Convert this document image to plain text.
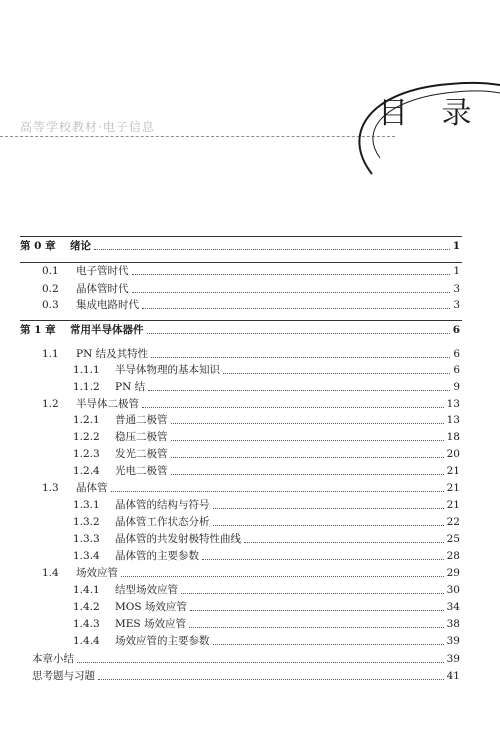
高等学校教材·电子信息	目 录
第 0 章	绪论	1
0.1	电子管时代	1
0.2	晶体管时代	3
0.3	集成电路时代	3
第 1 章	常用半导体器件	6
1.1	PN 结及其特性	6
1.1.1	半导体物理的基本知识	6
1.1.2	PN 结	9
1.2	半导体二极管	13
1.2.1	普通二极管	13
1.2.2	稳压二极管	18
1.2.3	发光二极管	20
1.2.4	光电二极管	21
1.3	晶体管	21
1.3.1	晶体管的结构与符号	21
1.3.2	晶体管工作状态分析	22
1.3.3	晶体管的共发射极特性曲线	25
1.3.4	晶体管的主要参数	28
1.4	场效应管	29
1.4.1	结型场效应管	30
1.4.2	MOS 场效应管	34
1.4.3	MES 场效应管	38
1.4.4	场效应管的主要参数	39
本章小结	39
思考题与习题	41
